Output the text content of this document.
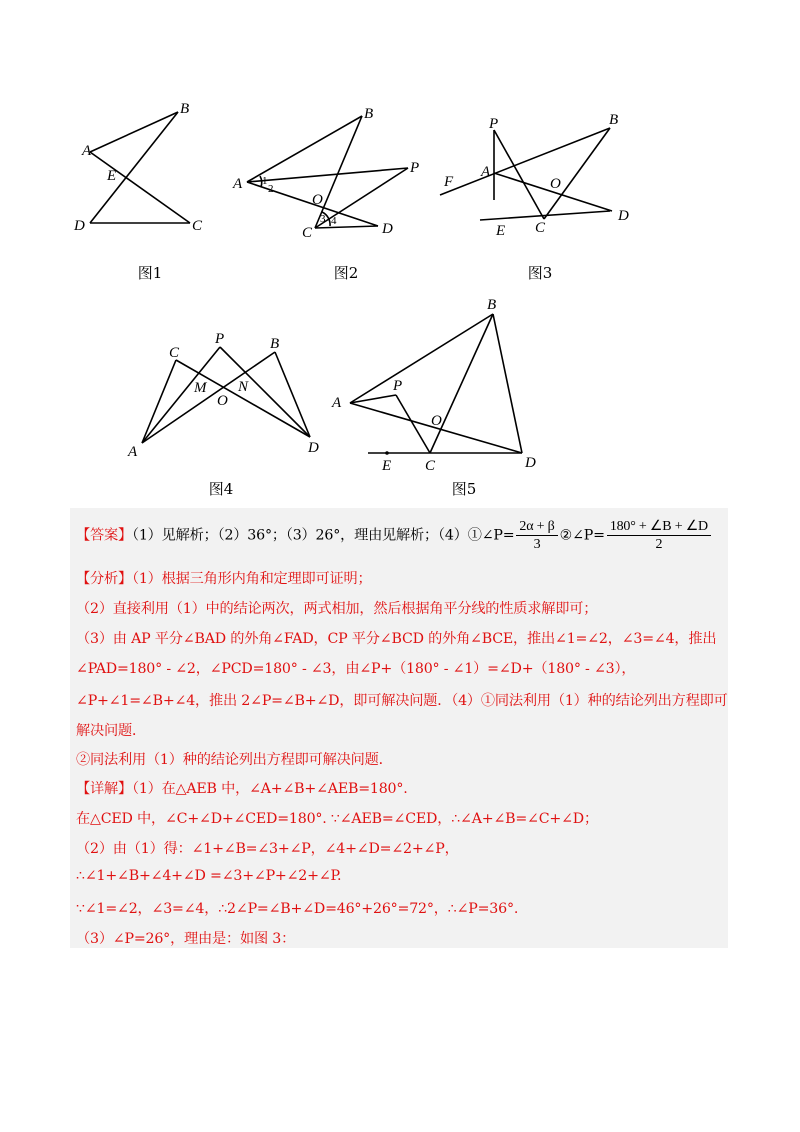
A
B
E
D	C
图1
A
B
P
O
C	D
1
2
3 4
图2
P	B
F
A
O
D
E C
图3
C
P	B
M N
O
A	D
图4
B
P
A
O
E C	D
图5
【答案】（1）见解析；（2）36°；（3）26°，理由见解析；（4）①∠P= $\frac{2\alpha + \beta}{3}$ ②∠P= $\frac{180^\circ + \angle B + \angle D}{2}$
【分析】（1）根据三角形内角和定理即可证明；
（2）直接利用（1）中的结论两次，两式相加，然后根据角平分线的性质求解即可；
（3）由 AP 平分∠BAD 的外角∠FAD，CP 平分∠BCD 的外角∠BCE，推出∠1=∠2，∠3=∠4，推出
∠PAD=180° - ∠2，∠PCD=180° - ∠3，由∠P+（180° - ∠1）=∠D+（180° - ∠3），
∠P+∠1=∠B+∠4，推出 2∠P=∠B+∠D，即可解决问题．（4）①同法利用（1）种的结论列出方程即可
解决问题．
②同法利用（1）种的结论列出方程即可解决问题．
【详解】（1）在△AEB 中，∠A+∠B+∠AEB=180°.
在△CED 中，∠C+∠D+∠CED=180°. ∵∠AEB=∠CED，∴∠A+∠B=∠C+∠D；
（2）由（1）得：∠1+∠B=∠3+∠P，∠4+∠D=∠2+∠P，
∴∠1+∠B+∠4+∠D =∠3+∠P+∠2+∠P.
∵∠1=∠2，∠3=∠4，∴2∠P=∠B+∠D=46°+26°=72°，∴∠P=36°.
（3）∠P=26°，理由是：如图 3：
